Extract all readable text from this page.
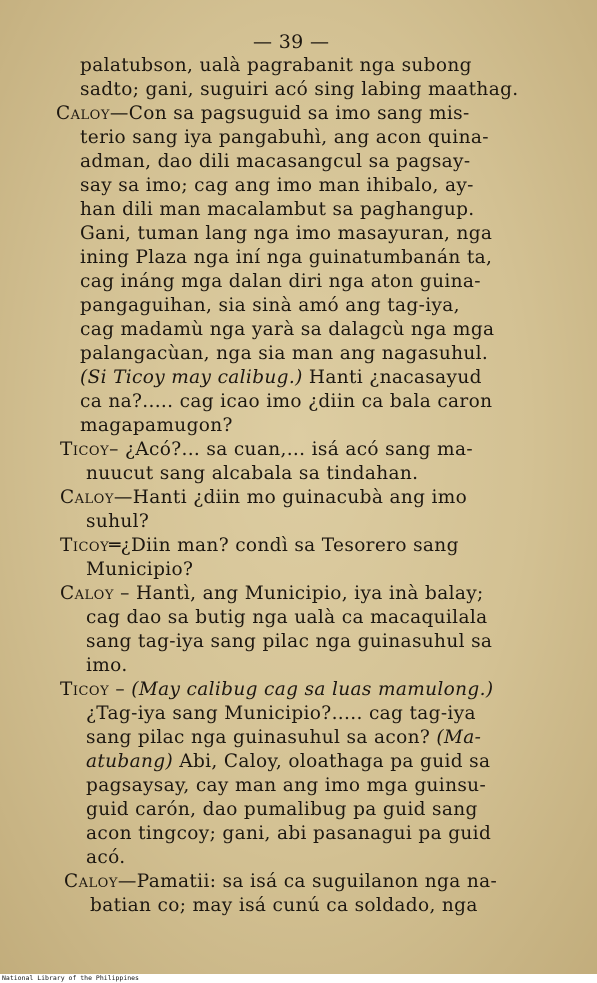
— 39 —
palatubson, ualà pagrabanit nga subong
sadto; gani, suguiri acó sing labing maathag.
Caloy—Con sa pagsuguid sa imo sang mis-
terio sang iya pangabuhì, ang acon quina-
adman, dao dili macasangcul sa pagsay-
say sa imo; cag ang imo man ihibalo, ay-
han dili man macalambut sa paghangup.
Gani, tuman lang nga imo masayuran, nga
ining Plaza nga iní nga guinatumbanán ta,
cag ináng mga dalan diri nga aton guina-
pangaguihan, sia sinà amó ang tag-iya,
cag madamù nga yarà sa dalagcù nga mga
palangacùan, nga sia man ang nagasuhul.
(Si Ticoy may calibug.) Hanti ¿nacasayud
ca na?..... cag icao imo ¿diin ca bala caron
magapamugon?
Ticoy– ¿Acó?... sa cuan,... isá acó sang ma-
nuucut sang alcabala sa tindahan.
Caloy—Hanti ¿diin mo guinacubà ang imo
suhul?
Ticoy═¿Diin man? condì sa Tesorero sang
Municipio?
Caloy – Hantì, ang Municipio, iya inà balay;
cag dao sa butig nga ualà ca macaquilala
sang tag-iya sang pilac nga guinasuhul sa
imo.
Ticoy – (May calibug cag sa luas mamulong.)
¿Tag-iya sang Municipio?..... cag tag-iya
sang pilac nga guinasuhul sa acon? (Ma-
atubang) Abi, Caloy, oloathaga pa guid sa
pagsaysay, cay man ang imo mga guinsu-
guid carón, dao pumalibug pa guid sang
acon tingcoy; gani, abi pasanagui pa guid
acó.
Caloy—Pamatii: sa isá ca suguilanon nga na-
batian co; may isá cunú ca soldado, nga
National Library of the Philippines
